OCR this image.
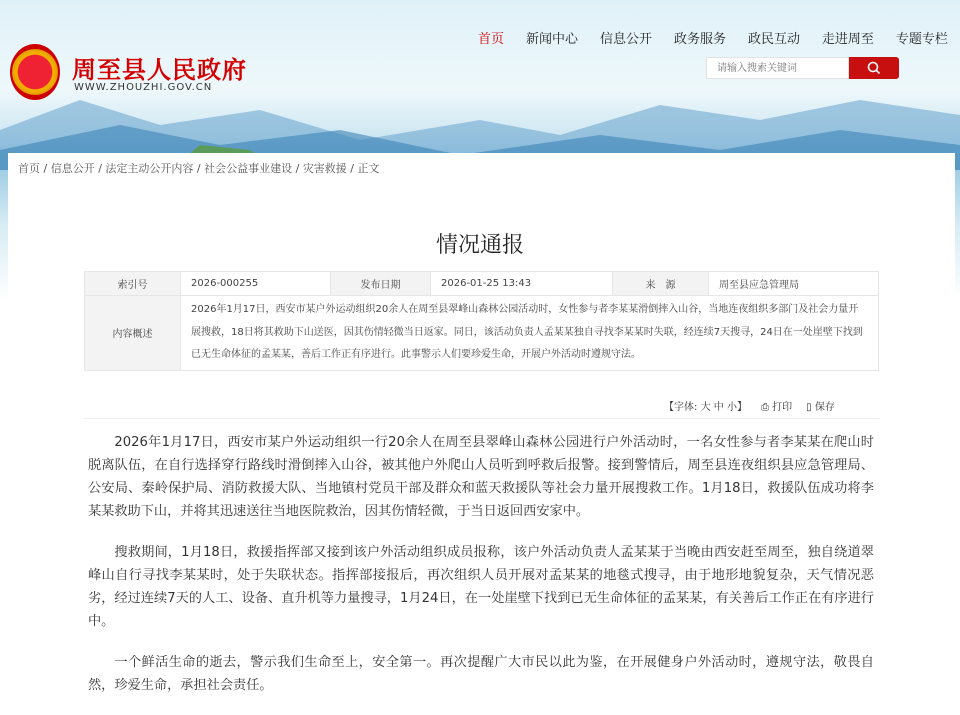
周至县人民政府
WWW.ZHOUZHI.GOV.CN
首页 新闻中心 信息公开 政务服务 政民互动 走进周至 专题专栏
请输入搜索关键词
首页 / 信息公开 / 法定主动公开内容 / 社会公益事业建设 / 灾害救援 / 正文
情况通报
索引号	2026-000255	发布日期	2026-01-25 13:43	来　源	周至县应急管理局
内容概述	2026年1月17日，西安市某户外运动组织20余人在周至县翠峰山森林公园活动时，女性参与者李某某滑倒摔入山谷，当地连夜组织多部门及社会力量开展搜救，18日将其救助下山送医，因其伤情轻微当日返家。同日，该活动负责人孟某某独自寻找李某某时失联，经连续7天搜寻，24日在一处崖壁下找到已无生命体征的孟某某，善后工作正有序进行。此事警示人们要珍爱生命，开展户外活动时遵规守法。				
【字体: 大 中 小】 ⎙ 打印 ▯ 保存

2026年1月17日，西安市某户外运动组织一行20余人在周至县翠峰山森林公园进行户外活动时，一名女性参与者李某某在爬山时脱离队伍，在自行选择穿行路线时滑倒摔入山谷，被其他户外爬山人员听到呼救后报警。接到警情后，周至县连夜组织县应急管理局、公安局、秦岭保护局、消防救援大队、当地镇村党员干部及群众和蓝天救援队等社会力量开展搜救工作。1月18日，救援队伍成功将李某某救助下山，并将其迅速送往当地医院救治，因其伤情轻微，于当日返回西安家中。

搜救期间，1月18日，救援指挥部又接到该户外活动组织成员报称，该户外活动负责人孟某某于当晚由西安赶至周至，独自绕道翠峰山自行寻找李某某时，处于失联状态。指挥部接报后，再次组织人员开展对孟某某的地毯式搜寻，由于地形地貌复杂，天气情况恶劣，经过连续7天的人工、设备、直升机等力量搜寻，1月24日，在一处崖壁下找到已无生命体征的孟某某，有关善后工作正在有序进行中。

一个鲜活生命的逝去，警示我们生命至上，安全第一。再次提醒广大市民以此为鉴，在开展健身户外活动时，遵规守法，敬畏自然，珍爱生命，承担社会责任。
